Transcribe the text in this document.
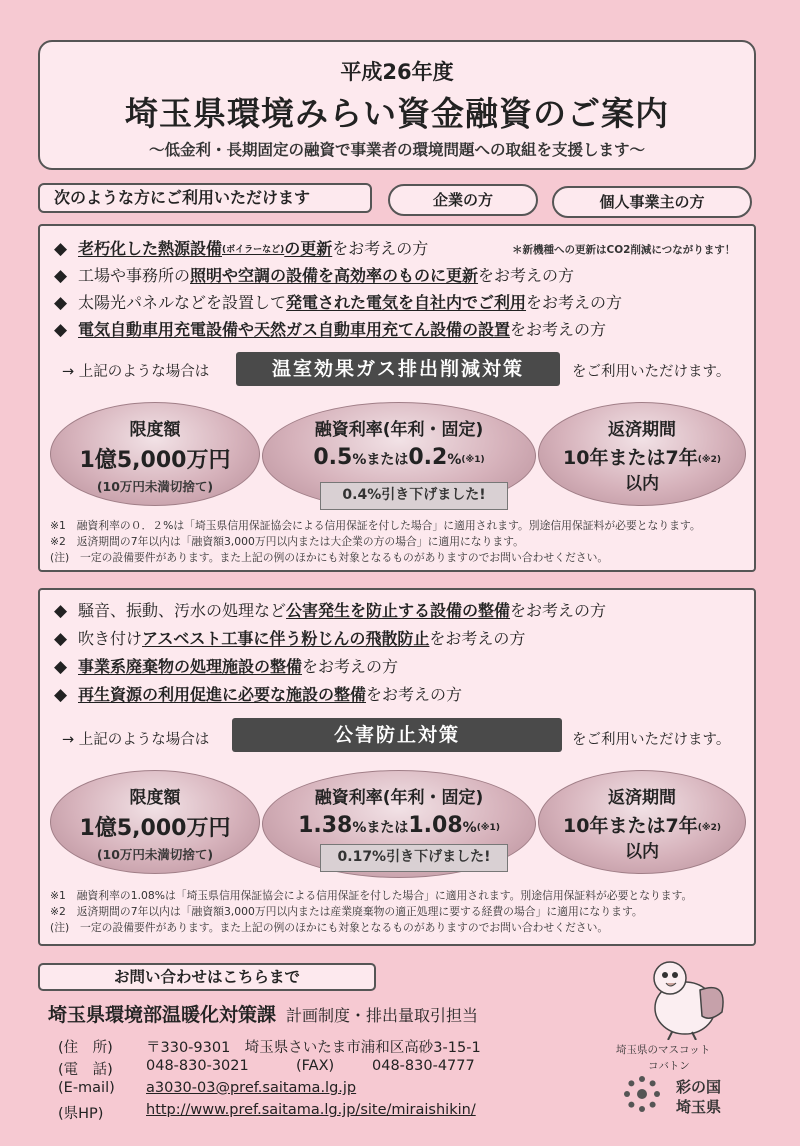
平成26年度
埼玉県環境みらい資金融資のご案内
～低金利・長期固定の融資で事業者の環境問題への取組を支援します～
次のような方にご利用いただけます	企業の方	個人事業主の方
◆ 老朽化した熱源設備(ボイラーなど)の更新をお考えの方	＊新機種への更新はCO2削減につながります！
◆ 工場や事務所の照明や空調の設備を高効率のものに更新をお考えの方
◆ 太陽光パネルなどを設置して発電された電気を自社内でご利用をお考えの方
◆ 電気自動車用充電設備や天然ガス自動車用充てん設備の設置をお考えの方
→ 上記のような場合は	温室効果ガス排出削減対策	をご利用いただけます。
限度額
1億5,000万円
(10万円未満切捨て)
融資利率(年利・固定)
0.5%または0.2%(※1)
0.4%引き下げました!
返済期間
10年または7年(※2)
以内
※1　融資利率の０．２%は「埼玉県信用保証協会による信用保証を付した場合」に適用されます。別途信用保証料が必要となります。
※2　返済期間の7年以内は「融資額3,000万円以内または大企業の方の場合」に適用になります。
(注)　一定の設備要件があります。また上記の例のほかにも対象となるものがありますのでお問い合わせください。
◆ 騒音、振動、汚水の処理など公害発生を防止する設備の整備をお考えの方
◆ 吹き付けアスベスト工事に伴う粉じんの飛散防止をお考えの方
◆ 事業系廃棄物の処理施設の整備をお考えの方
◆ 再生資源の利用促進に必要な施設の整備をお考えの方
→ 上記のような場合は	公害防止対策	をご利用いただけます。
限度額
1億5,000万円
(10万円未満切捨て)
融資利率(年利・固定)
1.38%または1.08%(※1)
0.17%引き下げました!
返済期間
10年または7年(※2)
以内
※1　融資利率の1.08%は「埼玉県信用保証協会による信用保証を付した場合」に適用されます。別途信用保証料が必要となります。
※2　返済期間の7年以内は「融資額3,000万円以内または産業廃棄物の適正処理に要する経費の場合」に適用になります。
(注)　一定の設備要件があります。また上記の例のほかにも対象となるものがありますのでお問い合わせください。
お問い合わせはこちらまで
埼玉県環境部温暖化対策課 計画制度・排出量取引担当
(住　所) 〒330-9301　埼玉県さいたま市浦和区高砂3-15-1
(電　話) 048-830-3021	(FAX)	048-830-4777
(E-mail) a3030-03@pref.saitama.lg.jp
(県HP)	http://www.pref.saitama.lg.jp/site/miraishikin/
埼玉県のマスコット
コバトン
彩の国
埼玉県
